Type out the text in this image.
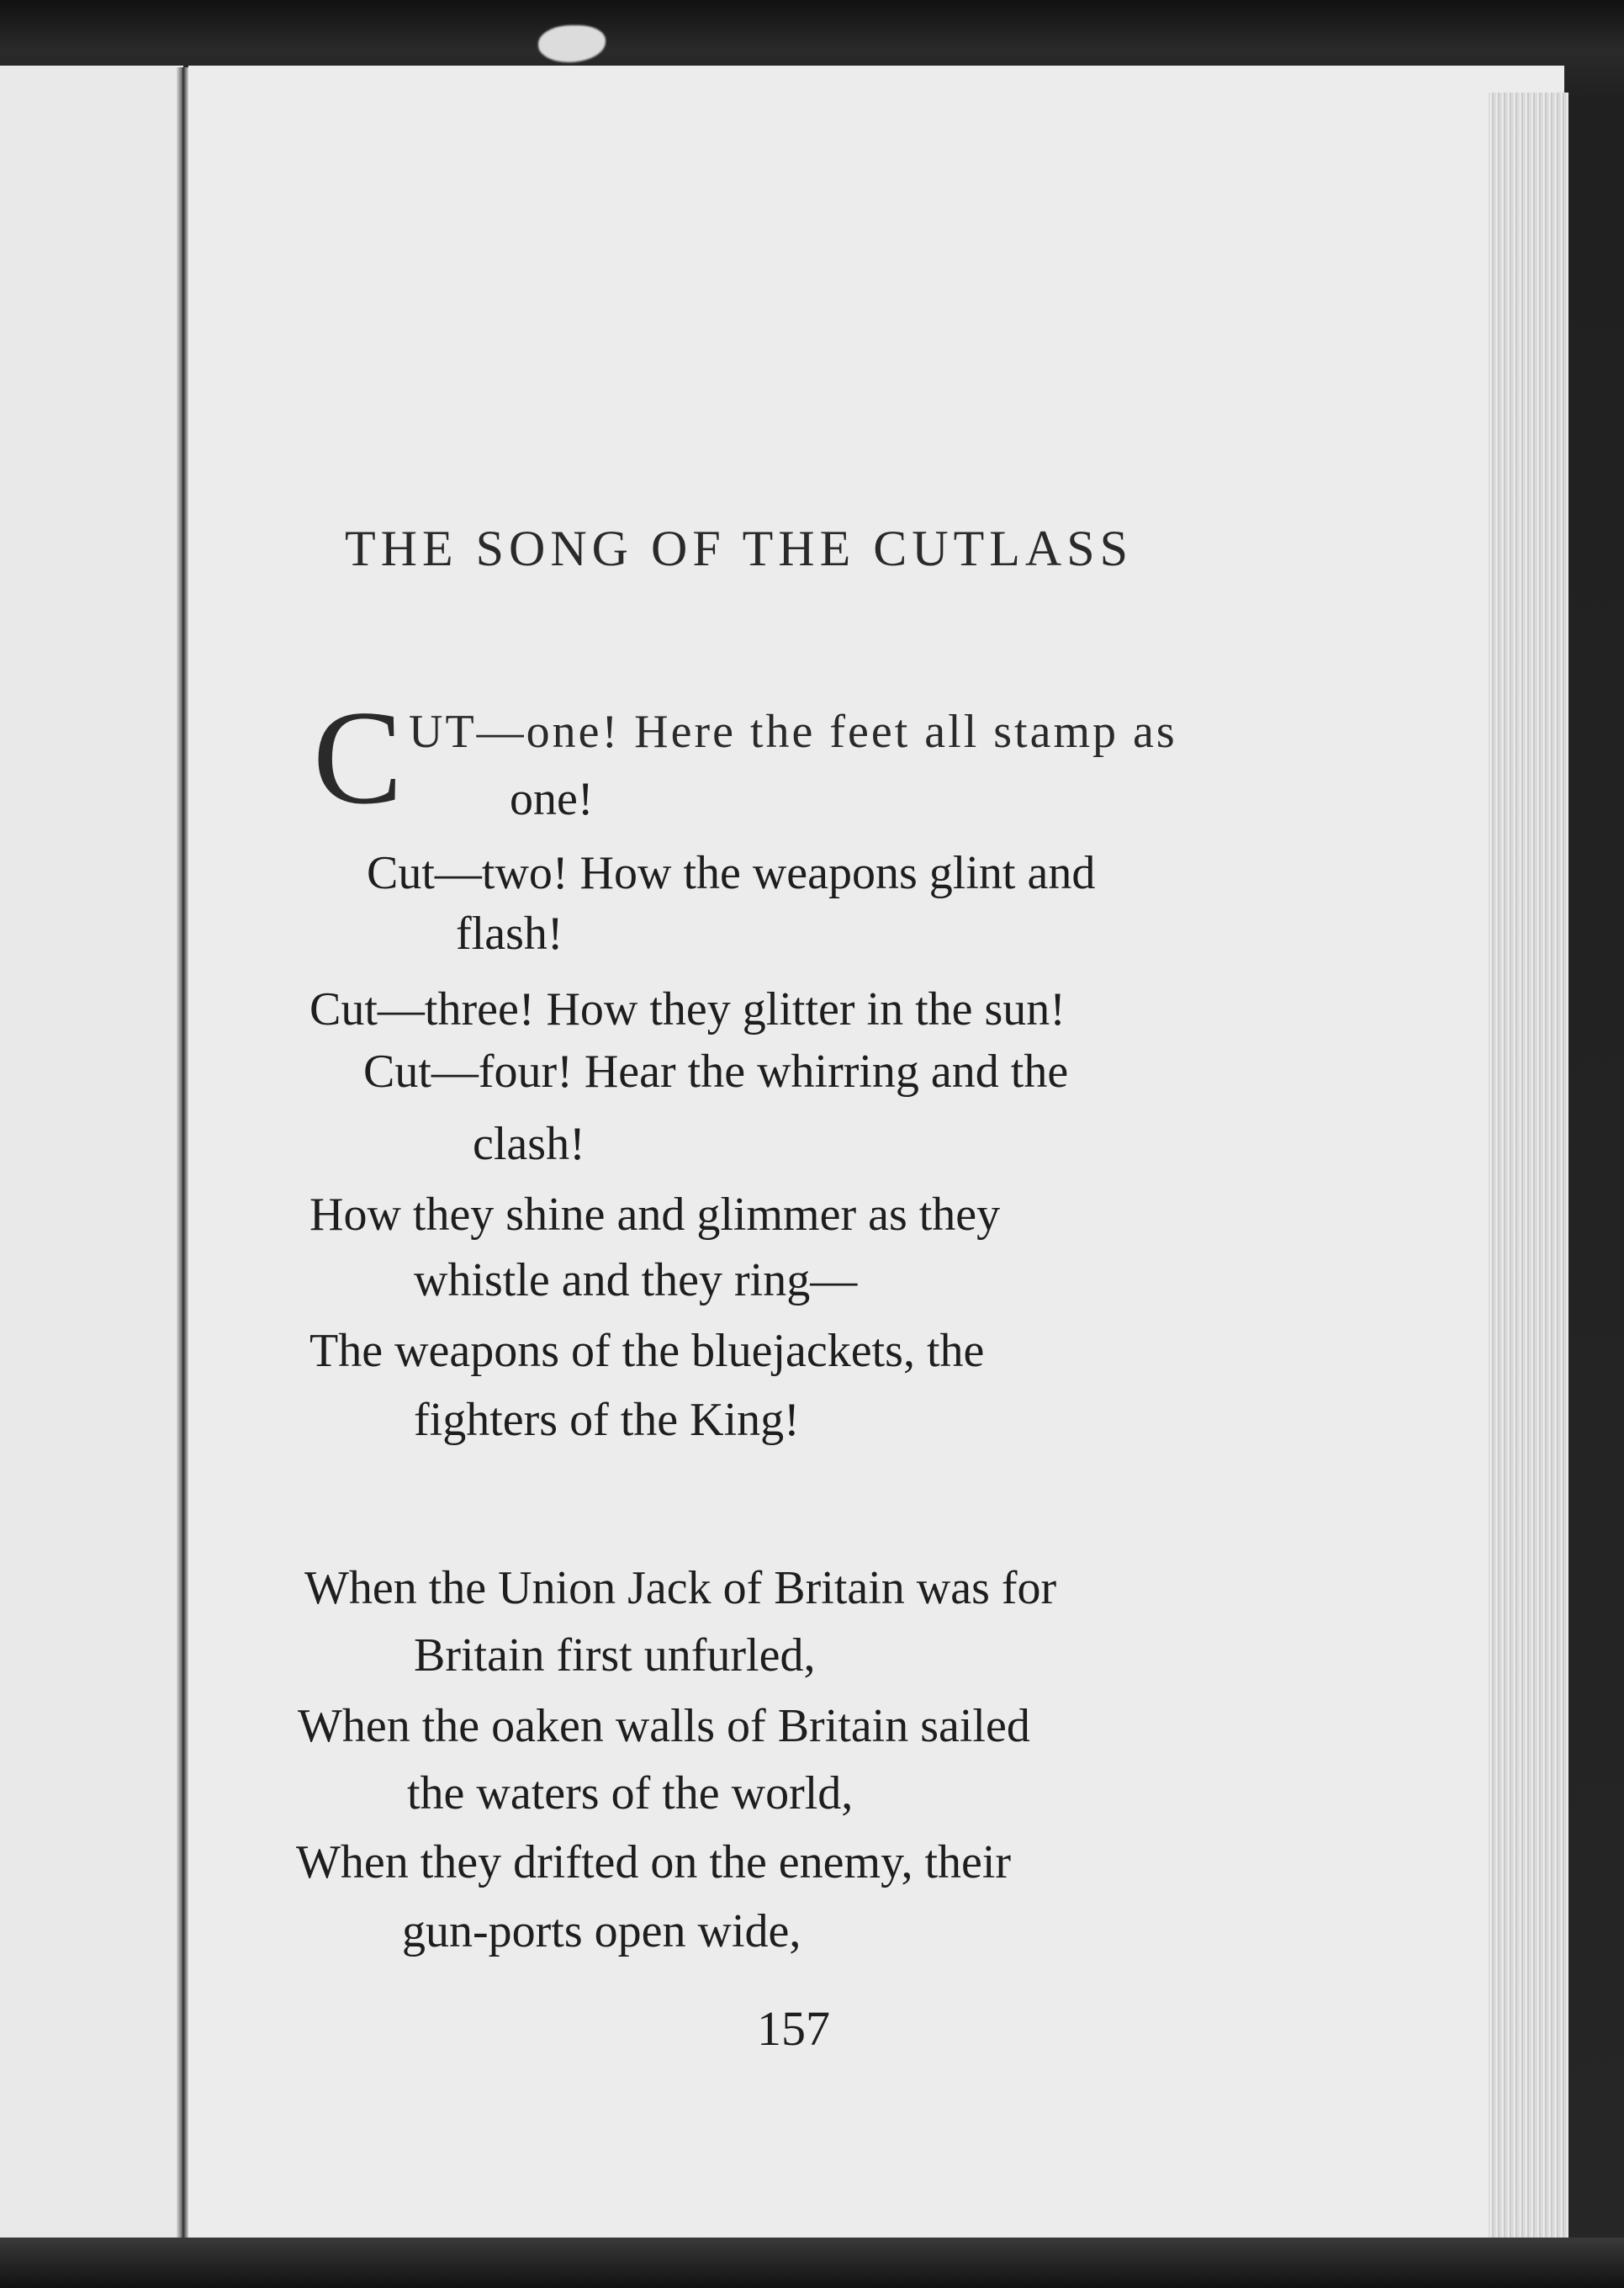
THE SONG OF THE CUTLASS
C UT—one! Here the feet all stamp as
one!
Cut—two! How the weapons glint and
flash!
Cut—three! How they glitter in the sun!
Cut—four! Hear the whirring and the
clash!
How they shine and glimmer as they
whistle and they ring—
The weapons of the bluejackets, the
fighters of the King!
When the Union Jack of Britain was for
Britain first unfurled,
When the oaken walls of Britain sailed
the waters of the world,
When they drifted on the enemy, their
gun-ports open wide,
157
